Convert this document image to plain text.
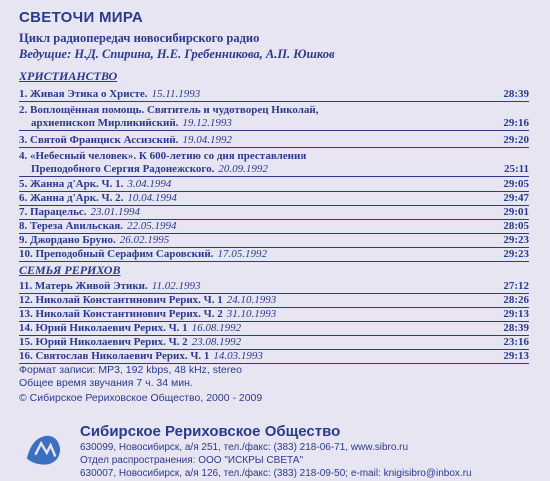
СВЕТОЧИ МИРА
Цикл радиопередач новосибирского радио
Ведущие: Н.Д. Спирина, Н.Е. Гребенникова, А.П. Юшков
ХРИСТИАНСТВО
1. Живая Этика о Христе. 15.11.1993	28:39
2. Воплощённая помощь. Святитель и чудотворец Николай,
архиепископ Мирликийский. 19.12.1993	29:16
3. Святой Франциск Ассизский. 19.04.1992	29:20
4. «Небесный человек». К 600-летию со дня преставления
Преподобного Сергия Радонежского. 20.09.1992	25:11
5. Жанна д'Арк. Ч. 1. 3.04.1994	29:05
6. Жанна д'Арк. Ч. 2. 10.04.1994	29:47
7. Парацельс. 23.01.1994	29:01
8. Тереза Авильская. 22.05.1994	28:05
9. Джордано Бруно. 26.02.1995	29:23
10. Преподобный Серафим Саровский. 17.05.1992	29:23
СЕМЬЯ РЕРИХОВ
11. Матерь Живой Этики. 11.02.1993	27:12
12. Николай Константинович Рерих. Ч. 1 24.10.1993	28:26
13. Николай Константинович Рерих. Ч. 2 31.10.1993	29:13
14. Юрий Николаевич Рерих. Ч. 1 16.08.1992	28:39
15. Юрий Николаевич Рерих. Ч. 2 23.08.1992	23:16
16. Святослав Николаевич Рерих. Ч. 1 14.03.1993	29:13
Формат записи: MP3, 192 kbps, 48 kHz, stereo
Общее время звучания 7 ч. 34 мин.
© Сибирское Рериховское Общество, 2000 - 2009
Сибирское Рериховское Общество
630099, Новосибирск, а/я 251, тел./факс: (383) 218-06-71, www.sibro.ru
Отдел распространения: ООО "ИСКРЫ СВЕТА"
630007, Новосибирск, а/я 126, тел./факс: (383) 218-09-50; e-mail: knigisibro@inbox.ru
